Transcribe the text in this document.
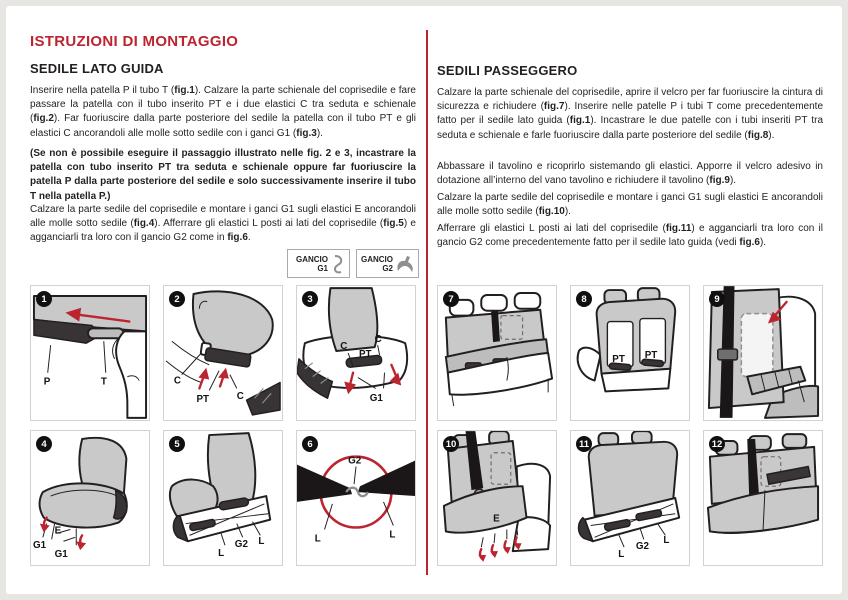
ISTRUZIONI DI MONTAGGIO
SEDILE LATO GUIDA
Inserire nella patella P il tubo T (fig.1). Calzare la parte schienale del coprisedile e fare passare la patella con il tubo inserito PT e i due elastici C tra seduta e schienale (fig.2). Far fuoriuscire dalla parte posteriore del sedile la patella con il tubo PT e gli elastici C ancorandoli alle molle sotto sedile con i ganci G1 (fig.3).
(Se non è possibile eseguire il passaggio illustrato nelle fig. 2 e 3, incastrare la patella con tubo inserito PT tra seduta e schienale oppure far fuoriuscire la patella P dalla parte posteriore del sedile e solo successivamente inserire il tubo T nella patella P.)
Calzare la parte sedile del coprisedile e montare i ganci G1 sugli elastici E ancorandoli alle molle sotto sedile (fig.4). Afferrare gli elastici L posti ai lati del coprisedile (fig.5) e agganciarli tra loro con il gancio G2 come in fig.6.
GANCIO
G1
GANCIO
G2
SEDILI PASSEGGERO
Calzare la parte schienale del coprisedile, aprire il velcro per far fuoriuscire la cintura di sicurezza e richiudere (fig.7). Inserire nelle patelle P i tubi T come precedentemente fatto per il sedile lato guida (fig.1). Incastrare le due patelle con i tubi inseriti PT tra seduta e schienale e farle fuoriuscire dalla parte posteriore del sedile (fig.8).
Abbassare il tavolino e ricoprirlo sistemando gli elastici. Apporre il velcro adesivo in dotazione all’interno del vano tavolino e richiudere il tavolino (fig.9).
Calzare la parte sedile del coprisedile e montare i ganci G1 sugli elastici E ancorandoli alle molle sotto sedile (fig.10).
Afferrare gli elastici L posti ai lati del coprisedile (fig.11) e agganciarli tra loro con il gancio G2 come precedentemente fatto per il sedile lato guida (vedi fig.6).
1
P	T
2
C
PT	C
3
C
PT
C
G1
4
G1
E
G1
5
L
G2 L
6
G2
L	L
7	8
PT PT
9
10
E
11
L
G2
L
12
